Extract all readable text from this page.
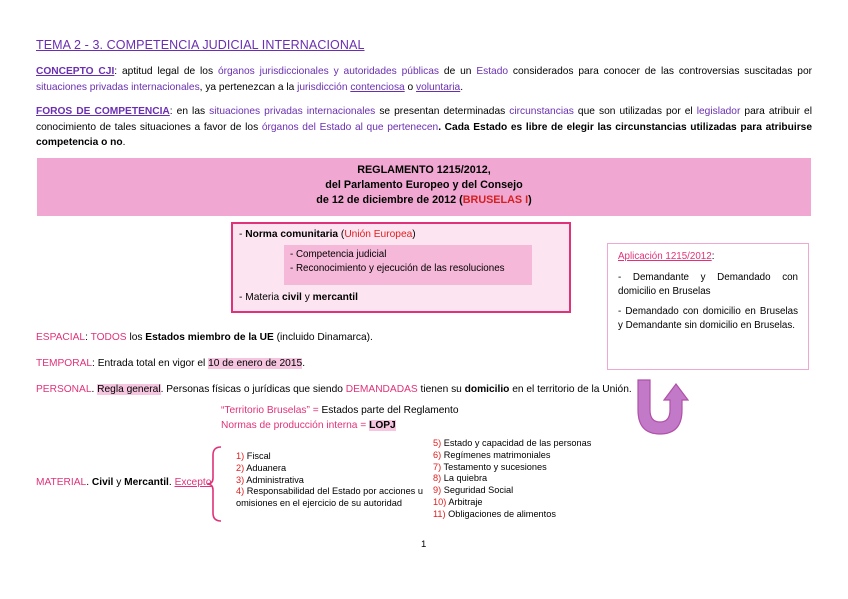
TEMA 2 - 3. COMPETENCIA JUDICIAL INTERNACIONAL
CONCEPTO CJI: aptitud legal de los órganos jurisdiccionales y autoridades públicas de un Estado considerados para conocer de las controversias suscitadas por situaciones privadas internacionales, ya pertenezcan a la jurisdicción contenciosa o voluntaria.
FOROS DE COMPETENCIA: en las situaciones privadas internacionales se presentan determinadas circunstancias que son utilizadas por el legislador para atribuir el conocimiento de tales situaciones a favor de los órganos del Estado al que pertenecen. Cada Estado es libre de elegir las circunstancias utilizadas para atribuirse competencia o no.
REGLAMENTO 1215/2012,
del Parlamento Europeo y del Consejo
de 12 de diciembre de 2012 (BRUSELAS I)
- Norma comunitaria (Unión Europea)
- Competencia judicial
- Reconocimiento y ejecución de las resoluciones
- Materia civil y mercantil
Aplicación 1215/2012:
- Demandante y Demandado con domicilio en Bruselas
- Demandado con domicilio en Bruselas y Demandante sin domicilio en Bruselas.
ESPACIAL: TODOS los Estados miembro de la UE (incluido Dinamarca).
TEMPORAL: Entrada total en vigor el 10 de enero de 2015.
PERSONAL. Regla general. Personas físicas o jurídicas que siendo DEMANDADAS tienen su domicilio en el territorio de la Unión.
“Territorio Bruselas” = Estados parte del Reglamento
Normas de producción interna = LOPJ
MATERIAL. Civil y Mercantil. Excepto
1) Fiscal
2) Aduanera
3) Administrativa
4) Responsabilidad del Estado por acciones u
omisiones en el ejercicio de su autoridad
5) Estado y capacidad de las personas
6) Regímenes matrimoniales
7) Testamento y sucesiones
8) La quiebra
9) Seguridad Social
10) Arbitraje
11) Obligaciones de alimentos
1
